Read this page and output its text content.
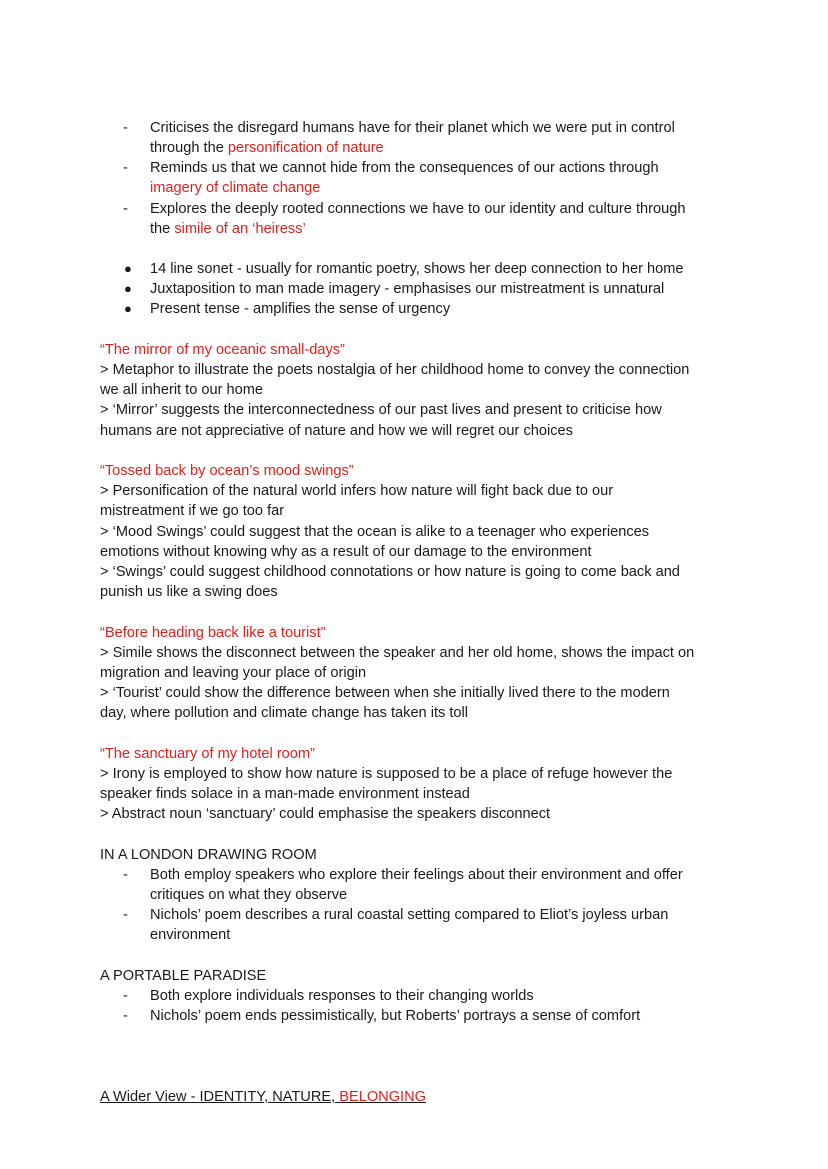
- Criticises the disregard humans have for their planet which we were put in control
through the personification of nature
- Reminds us that we cannot hide from the consequences of our actions through
imagery of climate change
- Explores the deeply rooted connections we have to our identity and culture through
the simile of an ‘heiress’
● 14 line sonet - usually for romantic poetry, shows her deep connection to her home
● Juxtaposition to man made imagery - emphasises our mistreatment is unnatural
● Present tense - amplifies the sense of urgency
“The mirror of my oceanic small-days”
> Metaphor to illustrate the poets nostalgia of her childhood home to convey the connection
we all inherit to our home
> ‘Mirror’ suggests the interconnectedness of our past lives and present to criticise how
humans are not appreciative of nature and how we will regret our choices
“Tossed back by ocean’s mood swings”
> Personification of the natural world infers how nature will fight back due to our
mistreatment if we go too far
> ‘Mood Swings’ could suggest that the ocean is alike to a teenager who experiences
emotions without knowing why as a result of our damage to the environment
> ‘Swings’ could suggest childhood connotations or how nature is going to come back and
punish us like a swing does
“Before heading back like a tourist”
> Simile shows the disconnect between the speaker and her old home, shows the impact on
migration and leaving your place of origin
> ‘Tourist’ could show the difference between when she initially lived there to the modern
day, where pollution and climate change has taken its toll
“The sanctuary of my hotel room”
> Irony is employed to show how nature is supposed to be a place of refuge however the
speaker finds solace in a man-made environment instead
> Abstract noun ‘sanctuary’ could emphasise the speakers disconnect
IN A LONDON DRAWING ROOM
- Both employ speakers who explore their feelings about their environment and offer
critiques on what they observe
- Nichols’ poem describes a rural coastal setting compared to Eliot’s joyless urban
environment
A PORTABLE PARADISE
- Both explore individuals responses to their changing worlds
- Nichols’ poem ends pessimistically, but Roberts’ portrays a sense of comfort
A Wider View - IDENTITY, NATURE, BELONGING
